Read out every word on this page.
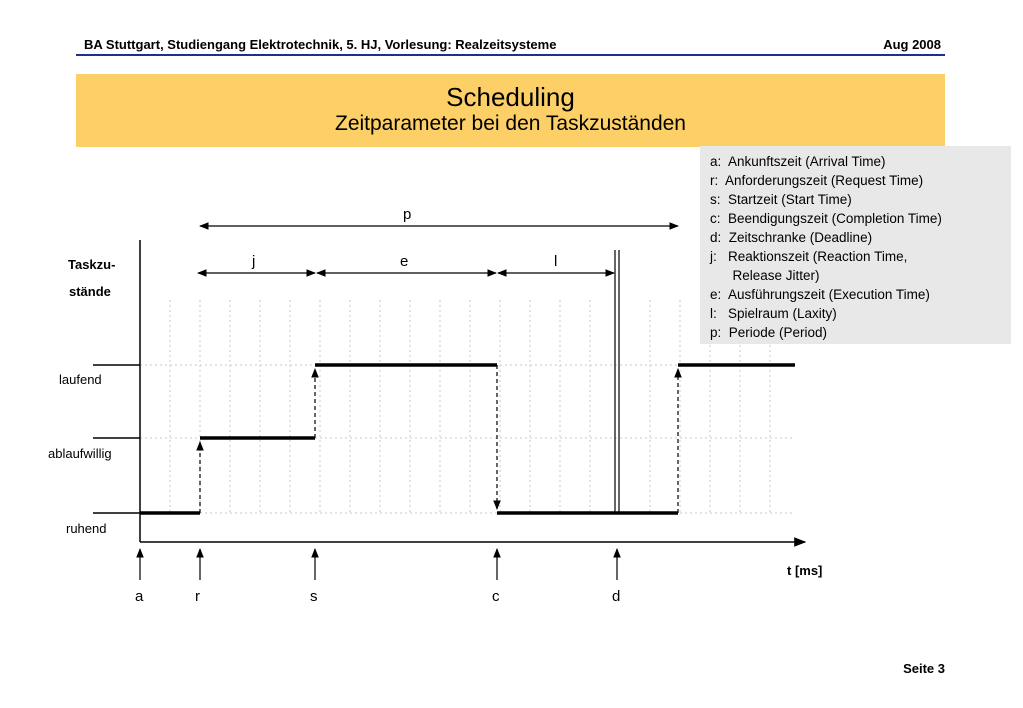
BA Stuttgart, Studiengang Elektrotechnik, 5. HJ, Vorlesung: Realzeitsysteme	Aug 2008
Scheduling
Zeitparameter bei den Taskzuständen
Taskzu-
stände
laufend
ablaufwillig
ruhend
t [ms]
p
j	e	l
a	r	s	c	d
a:  Ankunftszeit (Arrival Time)
r:  Anforderungszeit (Request Time)
s:  Startzeit (Start Time)
c:  Beendigungszeit (Completion Time)
d:  Zeitschranke (Deadline)
j:   Reaktionszeit (Reaction Time,
Release Jitter)
e:  Ausführungszeit (Execution Time)
l:   Spielraum (Laxity)
p:  Periode (Period)
Seite 3
